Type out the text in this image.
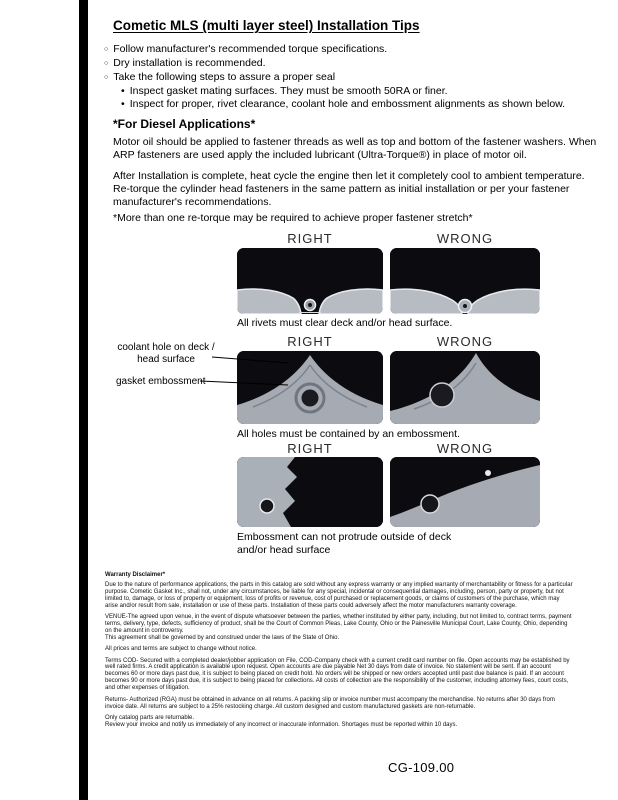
Cometic MLS (multi layer steel) Installation Tips
○ Follow manufacturer's recommended torque specifications.
○ Dry installation is recommended.
○ Take the following steps to assure a proper seal
• Inspect gasket mating surfaces. They must be smooth 50RA or finer.
• Inspect for proper, rivet clearance, coolant hole and embossment alignments as shown below.
*For Diesel Applications*
Motor oil should be applied to fastener threads as well as top and bottom of the fastener washers. When ARP fasteners are used apply the included lubricant (Ultra-Torque®) in place of motor oil.
After Installation is complete, heat cycle the engine then let it completely cool to ambient temperature. Re-torque the cylinder head fasteners in the same pattern as initial installation or per your fastener manufacturer's recommendations.
*More than one re-torque may be required to achieve proper fastener stretch*
RIGHT	WRONG
All rivets must clear deck and/or head surface.
RIGHT	WRONG
coolant hole on deck / head surface
gasket embossment
All holes must be contained by an embossment.
RIGHT	WRONG
Embossment can not protrude outside of deck and/or head surface
Warranty Disclaimer*

Due to the nature of performance applications, the parts in this catalog are sold without any express warranty or any implied warranty of merchantability or fitness for a particular purpose. Cometic Gasket Inc., shall not, under any circumstances, be liable for any special, incidental or consequential damages, including, person, party or property, but not limited to, damage, or loss of property or equipment, loss of profits or revenue, cost of purchased or replacement goods, or claims of customers of the purchase, which may arise and/or result from sale, installation or use of these parts. Installation of these parts could adversely affect the motor manufacturers warranty coverage.

VENUE-The agreed upon venue, in the event of dispute whatsoever between the parties, whether instituted by either party, including, but not limited to, contract terms, payment terms, delivery, type, defects, sufficiency of product, shall be the Court of Common Pleas, Lake County, Ohio or the Painesville Municipal Court, Lake County, Ohio, depending on the amount in controversy.

This agreement shall be governed by and construed under the laws of the State of Ohio.

All prices and terms are subject to change without notice.

Terms COD- Secured with a completed dealer/jobber application on File, COD-Company check with a current credit card number on file. Open accounts may be established by well rated firms. A credit application is available upon request. Open accounts are due payable Net 30 days from date of invoice. No statement will be sent. If an account becomes 60 or more days past due, it is subject to being placed on credit hold. No orders will be shipped or new orders accepted until past due balance is paid. If an account becomes 90 or more days past due, it is subject to being placed for collections. All costs of collection are the responsibility of the customer, including attorney fees, court costs, and other expenses of litigation.

Returns- Authorized (RGA) must be obtained in advance on all returns. A packing slip or invoice number must accompany the merchandise. No returns after 30 days from invoice date. All returns are subject to a 25% restocking charge. All custom designed and custom manufactured gaskets are non-returnable.

Only catalog parts are returnable.

Review your invoice and notify us immediately of any incorrect or inaccurate information. Shortages must be reported within 10 days.

CG-109.00
